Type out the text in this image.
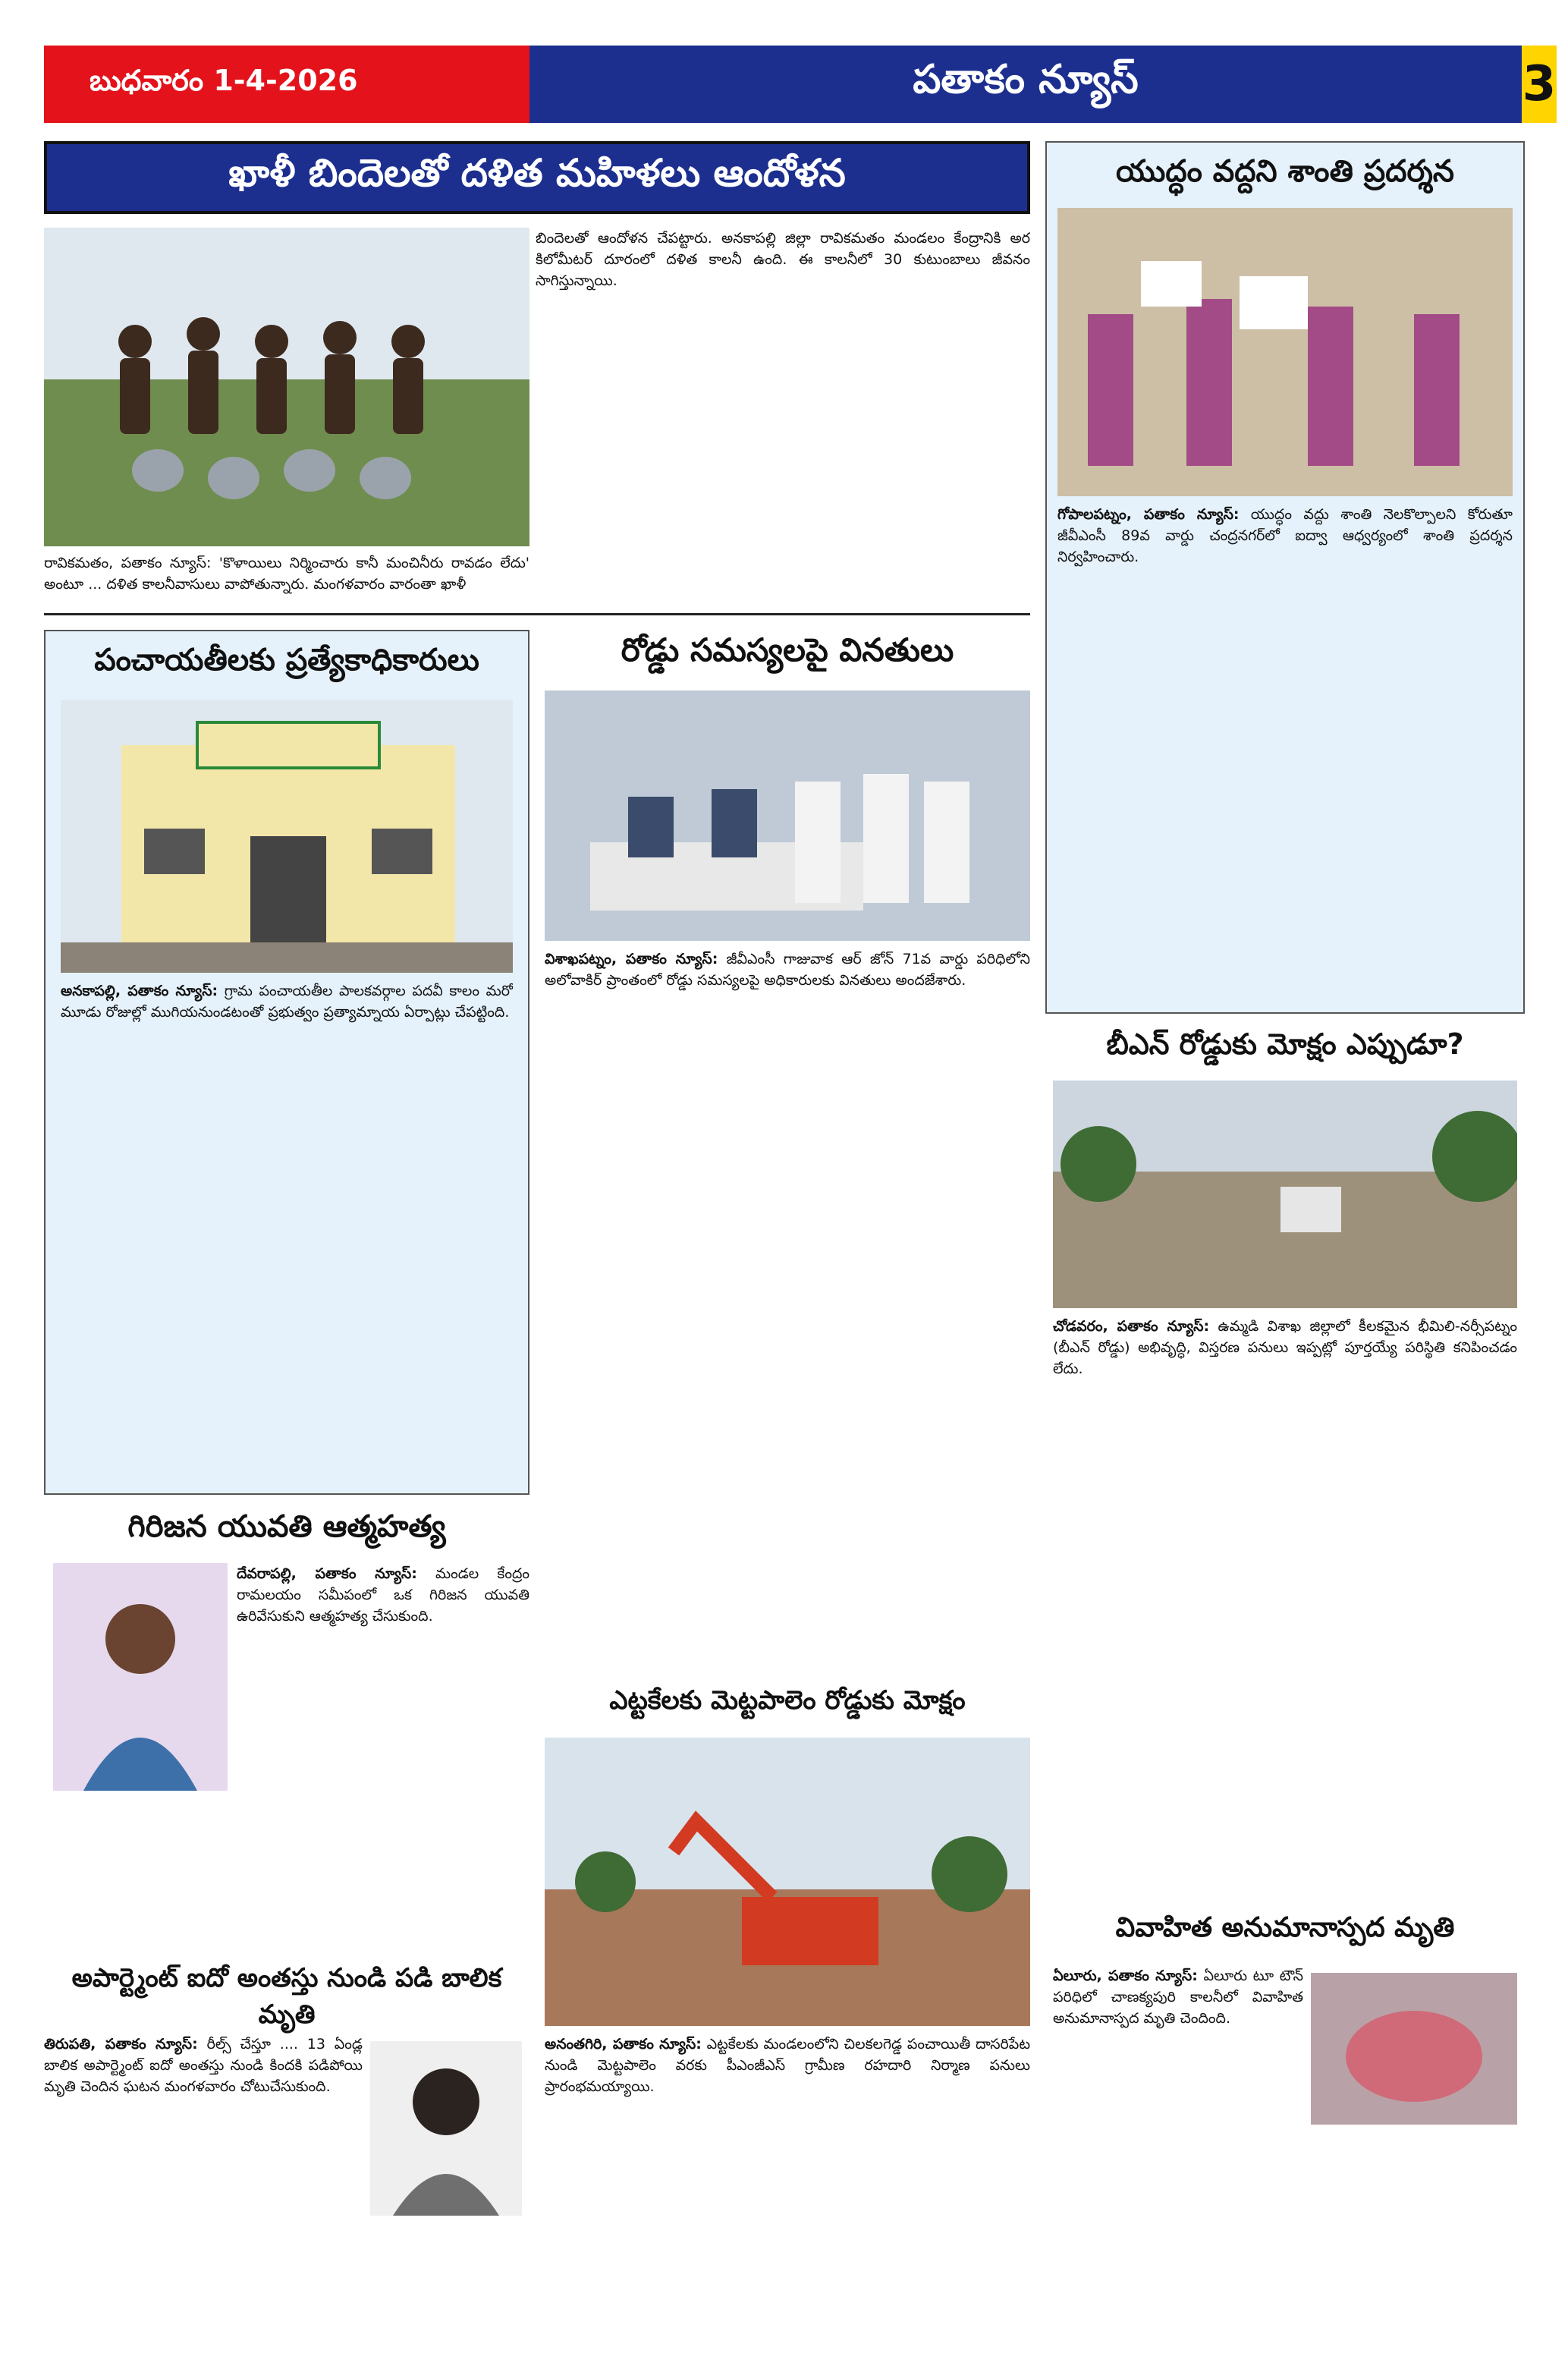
బుధవారం 1-4-2026	పతాకం న్యూస్	3
ఖాళీ బిందెలతో దళిత మహిళలు ఆందోళన
రావికమతం, పతాకం న్యూస్: 'కొళాయిలు నిర్మించారు కానీ మంచినీరు రావడం లేదు' అంటూ ... దళిత కాలనీవాసులు వాపోతున్నారు. మంగళవారం వారంతా ఖాళీ
బిందెలతో ఆందోళన చేపట్టారు. అనకాపల్లి జిల్లా రావికమతం మండలం కేంద్రానికి అర కిలోమీటర్ దూరంలో దళిత కాలనీ ఉంది. ఈ కాలనీలో 30 కుటుంబాలు జీవనం సాగిస్తున్నాయి.
యుద్ధం వద్దని శాంతి ప్రదర్శన
గోపాలపట్నం, పతాకం న్యూస్: యుద్ధం వద్దు శాంతి నెలకొల్పాలని కోరుతూ జీవీఎంసీ 89వ వార్డు చంద్రనగర్‌లో ఐద్వా ఆధ్వర్యంలో శాంతి ప్రదర్శన నిర్వహించారు.
పంచాయతీలకు ప్రత్యేకాధికారులు
అనకాపల్లి, పతాకం న్యూస్: గ్రామ పంచాయతీల పాలకవర్గాల పదవీ కాలం మరో మూడు రోజుల్లో ముగియనుండటంతో ప్రభుత్వం ప్రత్యామ్నాయ ఏర్పాట్లు చేపట్టింది.
రోడ్డు సమస్యలపై వినతులు
విశాఖపట్నం, పతాకం న్యూస్: జీవీఎంసీ గాజువాక ఆర్ జోన్ 71వ వార్డు పరిధిలోని అలోవాకిర్ ప్రాంతంలో రోడ్డు సమస్యలపై అధికారులకు వినతులు అందజేశారు.
గిరిజన యువతి ఆత్మహత్య
దేవరాపల్లి, పతాకం న్యూస్: మండల కేంద్రం రామలయం సమీపంలో ఒక గిరిజన యువతి ఉరివేసుకుని ఆత్మహత్య చేసుకుంది.
అపార్ట్మెంట్ ఐదో అంతస్తు నుండి పడి బాలిక మృతి
తిరుపతి, పతాకం న్యూస్: రీల్స్ చేస్తూ .... 13 ఏండ్ల బాలిక అపార్ట్మెంట్ ఐదో అంతస్తు నుండి కిందకి పడిపోయి మృతి చెందిన ఘటన మంగళవారం చోటుచేసుకుంది.
ఎట్టకేలకు మెట్టపాలెం రోడ్డుకు మోక్షం
అనంతగిరి, పతాకం న్యూస్: ఎట్టకేలకు మండలంలోని చిలకలగెడ్డ పంచాయితీ దాసరిపేట నుండి మెట్టపాలెం వరకు పీఎంజీఎస్ గ్రామీణ రహదారి నిర్మాణ పనులు ప్రారంభమయ్యాయి.
బీఎన్ రోడ్డుకు మోక్షం ఎప్పుడూ?
చోడవరం, పతాకం న్యూస్: ఉమ్మడి విశాఖ జిల్లాలో కీలకమైన భీమిలి-నర్సీపట్నం (బీఎన్ రోడ్డు) అభివృద్ధి, విస్తరణ పనులు ఇప్పట్లో పూర్తయ్యే పరిస్థితి కనిపించడం లేదు.
వివాహిత అనుమానాస్పద మృతి
ఏలూరు, పతాకం న్యూస్: ఏలూరు టూ టౌన్ పరిధిలో చాణక్యపురి కాలనీలో వివాహిత అనుమానాస్పద మృతి చెందింది.
